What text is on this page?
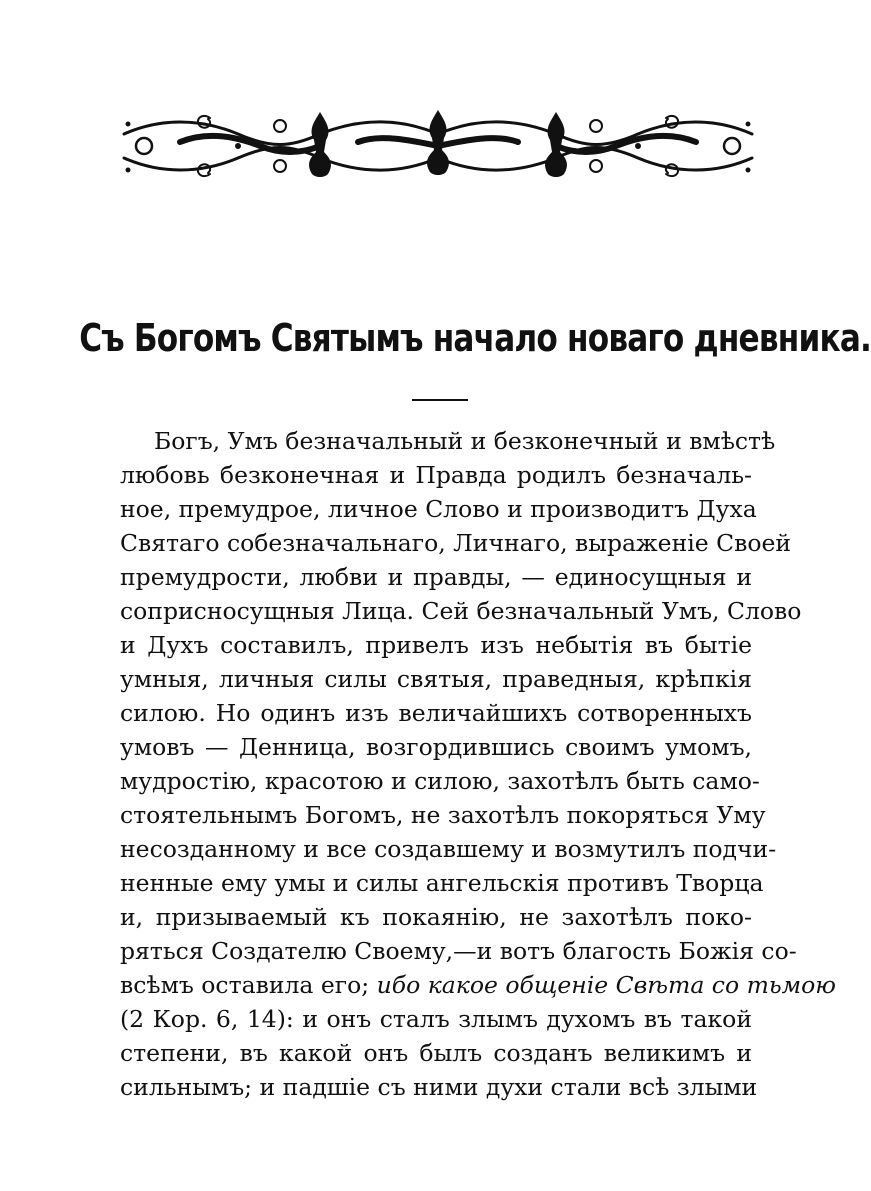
Съ Богомъ Святымъ начало новаго дневника.
Богъ, Умъ безначальный и безконечный и вмѣстѣ
любовь безконечная и Правда родилъ безначаль-
ное, премудрое, личное Слово и производитъ Духа
Святаго собезначальнаго, Личнаго, выраженіе Своей
премудрости, любви и правды, — единосущныя и
соприсносущныя Лица. Сей безначальный Умъ, Слово
и Духъ составилъ, привелъ изъ небытія въ бытіе
умныя, личныя силы святыя, праведныя, крѣпкія
силою. Но одинъ изъ величайшихъ сотворенныхъ
умовъ — Денница, возгордившись своимъ умомъ,
мудростію, красотою и силою, захотѣлъ быть само-
стоятельнымъ Богомъ, не захотѣлъ покоряться Уму
несозданному и все создавшему и возмутилъ подчи-
ненные ему умы и силы ангельскія противъ Творца
и, призываемый къ покаянію, не захотѣлъ поко-
ряться Создателю Своему,—и вотъ благость Божія со-
всѣмъ оставила его; ибо какое общеніе Свѣта со тьмою
(2 Кор. 6, 14): и онъ сталъ злымъ духомъ въ такой
степени, въ какой онъ былъ созданъ великимъ и
сильнымъ; и падшіе съ ними духи стали всѣ злыми
